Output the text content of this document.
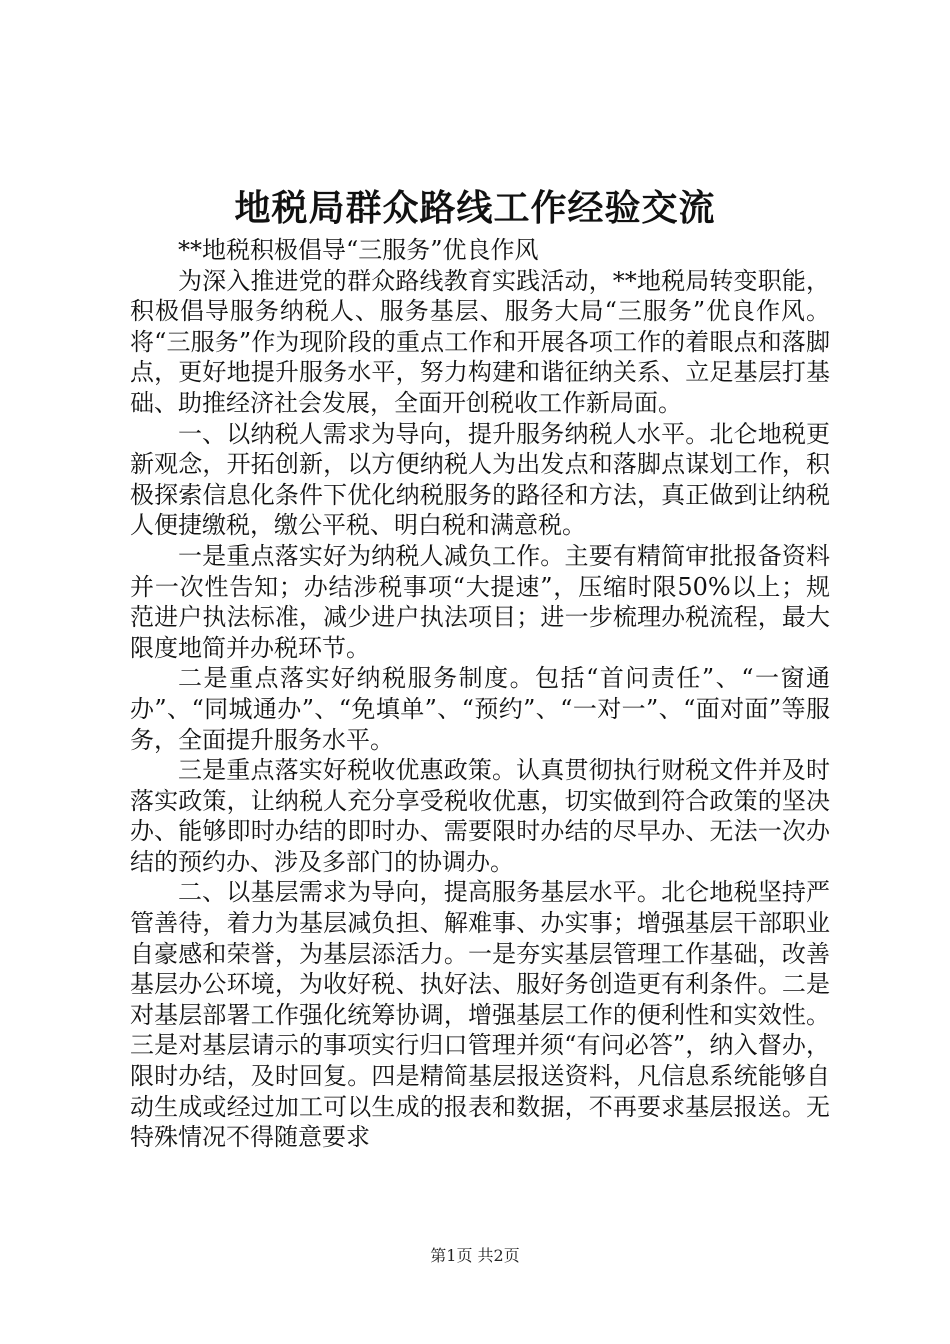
地税局群众路线工作经验交流

**地税积极倡导“三服务”优良作风

为深入推进党的群众路线教育实践活动，**地税局转变职能，积极倡导服务纳税人、服务基层、服务大局“三服务”优良作风。将“三服务”作为现阶段的重点工作和开展各项工作的着眼点和落脚点，更好地提升服务水平，努力构建和谐征纳关系、立足基层打基础、助推经济社会发展，全面开创税收工作新局面。

一、以纳税人需求为导向，提升服务纳税人水平。北仑地税更新观念，开拓创新，以方便纳税人为出发点和落脚点谋划工作，积极探索信息化条件下优化纳税服务的路径和方法，真正做到让纳税人便捷缴税，缴公平税、明白税和满意税。

一是重点落实好为纳税人减负工作。主要有精简审批报备资料并一次性告知；办结涉税事项“大提速”，压缩时限50%以上；规范进户执法标准，减少进户执法项目；进一步梳理办税流程，最大限度地简并办税环节。

二是重点落实好纳税服务制度。包括“首问责任”、“一窗通办”、“同城通办”、“免填单”、“预约”、“一对一”、“面对面”等服务，全面提升服务水平。

三是重点落实好税收优惠政策。认真贯彻执行财税文件并及时落实政策，让纳税人充分享受税收优惠，切实做到符合政策的坚决办、能够即时办结的即时办、需要限时办结的尽早办、无法一次办结的预约办、涉及多部门的协调办。

二、以基层需求为导向，提高服务基层水平。北仑地税坚持严管善待，着力为基层减负担、解难事、办实事；增强基层干部职业自豪感和荣誉，为基层添活力。一是夯实基层管理工作基础，改善基层办公环境，为收好税、执好法、服好务创造更有利条件。二是对基层部署工作强化统筹协调，增强基层工作的便利性和实效性。三是对基层请示的事项实行归口管理并须“有问必答”，纳入督办，限时办结，及时回复。四是精简基层报送资料，凡信息系统能够自动生成或经过加工可以生成的报表和数据，不再要求基层报送。无特殊情况不得随意要求

第1页 共2页
